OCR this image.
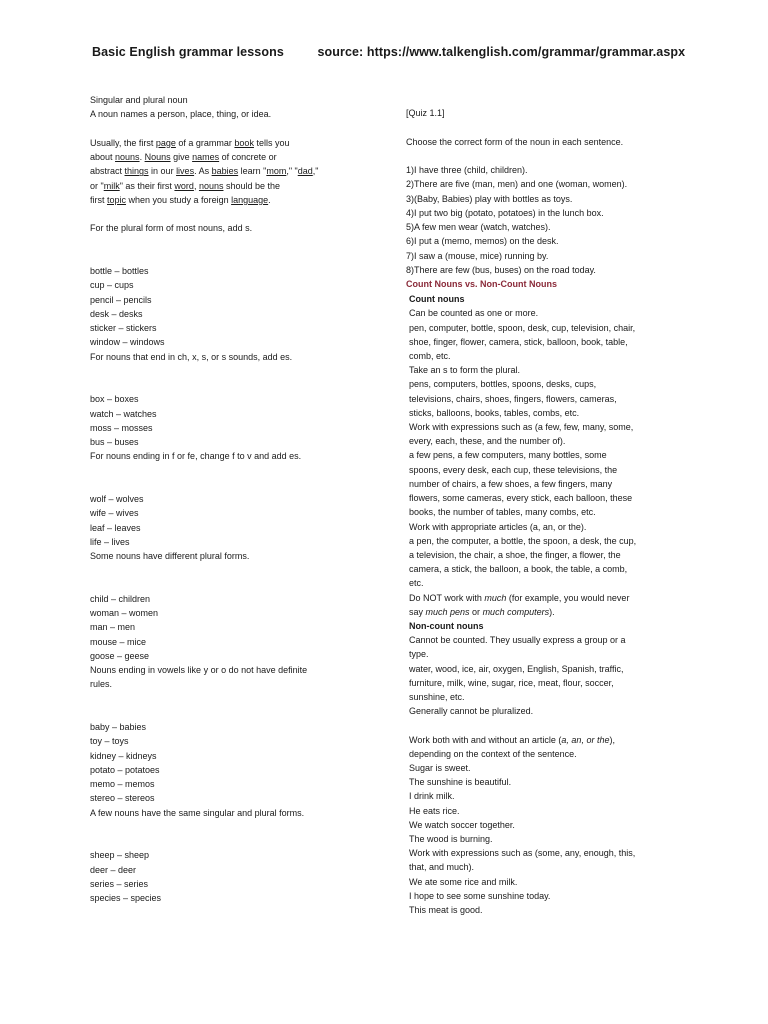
Basic English grammar lessons	source: https://www.talkenglish.com/grammar/grammar.aspx

Singular and plural noun

A noun names a person, place, thing, or idea.

Usually, the first page of a grammar book tells you

about nouns. Nouns give names of concrete or

abstract things in our lives. As babies learn "mom," "dad,"

or "milk" as their first word, nouns should be the

first topic when you study a foreign language.

For the plural form of most nouns, add s.

bottle – bottles

cup – cups

pencil – pencils

desk – desks

sticker – stickers

window – windows

For nouns that end in ch, x, s, or s sounds, add es.

box – boxes

watch – watches

moss – mosses

bus – buses

For nouns ending in f or fe, change f to v and add es.

wolf – wolves

wife – wives

leaf – leaves

life – lives

Some nouns have different plural forms.

child – children

woman – women

man – men

mouse – mice

goose – geese

Nouns ending in vowels like y or o do not have definite

rules.

baby – babies

toy – toys

kidney – kidneys

potato – potatoes

memo – memos

stereo – stereos

A few nouns have the same singular and plural forms.

sheep – sheep

deer – deer

series – series

species – species

[Quiz 1.1]

Choose the correct form of the noun in each sentence.

1)I have three (child, children).

2)There are five (man, men) and one (woman, women).

3)(Baby, Babies) play with bottles as toys.

4)I put two big (potato, potatoes) in the lunch box.

5)A few men wear (watch, watches).

6)I put a (memo, memos) on the desk.

7)I saw a (mouse, mice) running by.

8)There are few (bus, buses) on the road today.

Count Nouns vs. Non-Count Nouns

Count nouns

Can be counted as one or more.

pen, computer, bottle, spoon, desk, cup, television, chair,

shoe, finger, flower, camera, stick, balloon, book, table,

comb, etc.

Take an s to form the plural.

pens, computers, bottles, spoons, desks, cups,

televisions, chairs, shoes, fingers, flowers, cameras,

sticks, balloons, books, tables, combs, etc.

Work with expressions such as (a few, few, many, some,

every, each, these, and the number of).

a few pens, a few computers, many bottles, some

spoons, every desk, each cup, these televisions, the

number of chairs, a few shoes, a few fingers, many

flowers, some cameras, every stick, each balloon, these

books, the number of tables, many combs, etc.

Work with appropriate articles (a, an, or the).

a pen, the computer, a bottle, the spoon, a desk, the cup,

a television, the chair, a shoe, the finger, a flower, the

camera, a stick, the balloon, a book, the table, a comb,

etc.

Do NOT work with much (for example, you would never

say much pens or much computers).

Non-count nouns

Cannot be counted. They usually express a group or a

type.

water, wood, ice, air, oxygen, English, Spanish, traffic,

furniture, milk, wine, sugar, rice, meat, flour, soccer,

sunshine, etc.

Generally cannot be pluralized.

Work both with and without an article (a, an, or the),

depending on the context of the sentence.

Sugar is sweet.

The sunshine is beautiful.

I drink milk.

He eats rice.

We watch soccer together.

The wood is burning.

Work with expressions such as (some, any, enough, this,

that, and much).

We ate some rice and milk.

I hope to see some sunshine today.

This meat is good.
